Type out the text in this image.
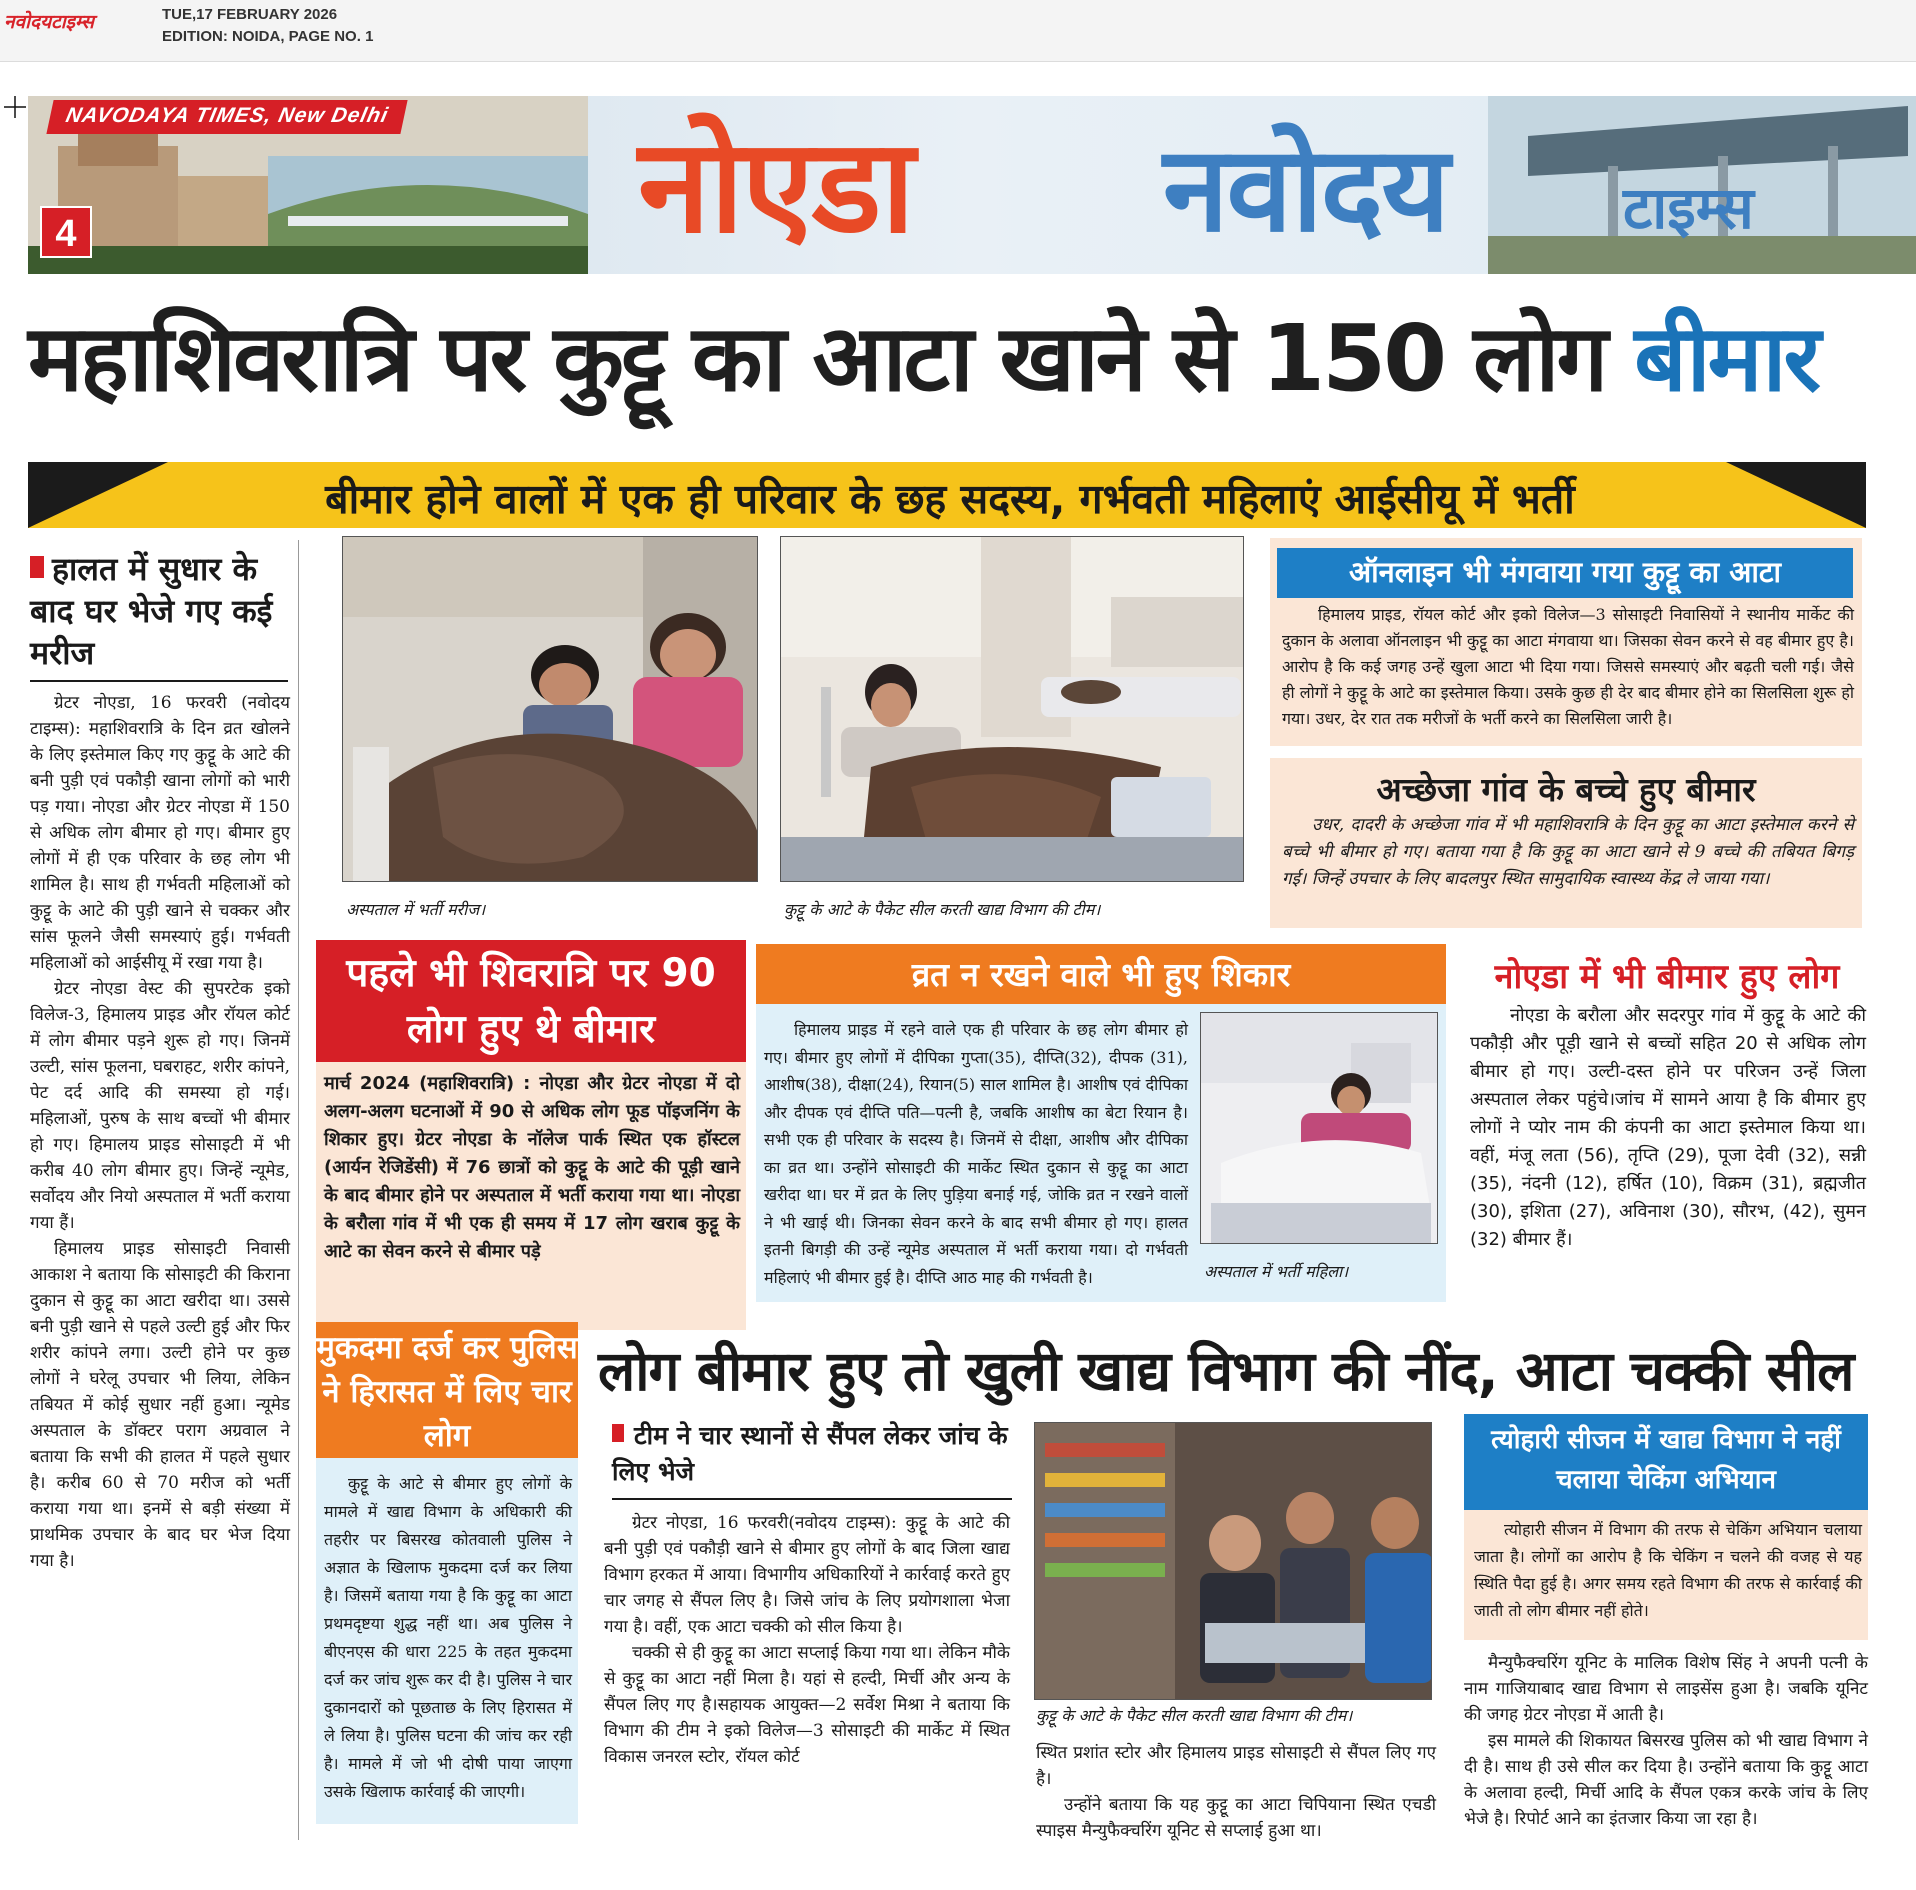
नवोदयटाइम्स	TUE,17 FEBRUARY 2026
EDITION: NOIDA, PAGE NO. 1
NAVODAYA TIMES, New Delhi
4	नोएडा नवोदय	टाइम्स
महाशिवरात्रि पर कुट्टू का आटा खाने से 150 लोग बीमार
बीमार होने वालों में एक ही परिवार के छह सदस्य, गर्भवती महिलाएं आईसीयू में भर्ती
हालत में सुधार के बाद घर भेजे गए कई मरीज

ग्रेटर नोएडा, 16 फरवरी (नवोदय टाइम्स): महाशिवरात्रि के दिन व्रत खोलने के लिए इस्तेमाल किए गए कुट्टू के आटे की बनी पुड़ी एवं पकौड़ी खाना लोगों को भारी पड़ गया। नोएडा और ग्रेटर नोएडा में 150 से अधिक लोग बीमार हो गए। बीमार हुए लोगों में ही एक परिवार के छह लोग भी शामिल है। साथ ही गर्भवती महिलाओं को कुट्टू के आटे की पुड़ी खाने से चक्कर और सांस फूलने जैसी समस्याएं हुई। गर्भवती महिलाओं को आईसीयू में रखा गया है।

ग्रेटर नोएडा वेस्ट की सुपरटेक इको विलेज-3, हिमालय प्राइड और रॉयल कोर्ट में लोग बीमार पड़ने शुरू हो गए। जिनमें उल्टी, सांस फूलना, घबराहट, शरीर कांपने, पेट दर्द आदि की समस्या हो गई। महिलाओं, पुरुष के साथ बच्चों भी बीमार हो गए। हिमालय प्राइड सोसाइटी में भी करीब 40 लोग बीमार हुए। जिन्हें न्यूमेड, सर्वोदय और नियो अस्पताल में भर्ती कराया गया हैं।

हिमालय प्राइड सोसाइटी निवासी आकाश ने बताया कि सोसाइटी की किराना दुकान से कुट्टू का आटा खरीदा था। उससे बनी पुड़ी खाने से पहले उल्टी हुई और फिर शरीर कांपने लगा। उल्टी होने पर कुछ लोगों ने घरेलू उपचार भी लिया, लेकिन तबियत में कोई सुधार नहीं हुआ। न्यूमेड अस्पताल के डॉक्टर पराग अग्रवाल ने बताया कि सभी की हालत में पहले सुधार है। करीब 60 से 70 मरीज को भर्ती कराया गया था। इनमें से बड़ी संख्या में प्राथमिक उपचार के बाद घर भेज दिया गया है।

अस्पताल में भर्ती मरीज।	कुट्टू के आटे के पैकेट सील करती खाद्य विभाग की टीम।
ऑनलाइन भी मंगवाया गया कुट्टू का आटा
हिमालय प्राइड, रॉयल कोर्ट और इको विलेज—3 सोसाइटी निवासियों ने स्थानीय मार्केट की दुकान के अलावा ऑनलाइन भी कुट्टू का आटा मंगवाया था। जिसका सेवन करने से वह बीमार हुए है। आरोप है कि कई जगह उन्हें खुला आटा भी दिया गया। जिससे समस्याएं और बढ़ती चली गई। जैसे ही लोगों ने कुट्टू के आटे का इस्तेमाल किया। उसके कुछ ही देर बाद बीमार होने का सिलसिला शुरू हो गया। उधर, देर रात तक मरीजों के भर्ती करने का सिलसिला जारी है।
अच्छेजा गांव के बच्चे हुए बीमार
उधर, दादरी के अच्छेजा गांव में भी महाशिवरात्रि के दिन कुट्टू का आटा इस्तेमाल करने से बच्चे भी बीमार हो गए। बताया गया है कि कुट्टू का आटा खाने से 9 बच्चे की तबियत बिगड़ गई। जिन्हें उपचार के लिए बादलपुर स्थित सामुदायिक स्वास्थ्य केंद्र ले जाया गया।
पहले भी शिवरात्रि पर 90 लोग हुए थे बीमार
मार्च 2024 (महाशिवरात्रि) : नोएडा और ग्रेटर नोएडा में दो अलग-अलग घटनाओं में 90 से अधिक लोग फूड पॉइजनिंग के शिकार हुए। ग्रेटर नोएडा के नॉलेज पार्क स्थित एक हॉस्टल (आर्यन रेजिडेंसी) में 76 छात्रों को कुट्टू के आटे की पूड़ी खाने के बाद बीमार होने पर अस्पताल में भर्ती कराया गया था। नोएडा के बरौला गांव में भी एक ही समय में 17 लोग खराब कुट्टू के आटे का सेवन करने से बीमार पड़े
व्रत न रखने वाले भी हुए शिकार
हिमालय प्राइड में रहने वाले एक ही परिवार के छह लोग बीमार हो गए। बीमार हुए लोगों में दीपिका गुप्ता(35), दीप्ति(32), दीपक (31), आशीष(38), दीक्षा(24), रियान(5) साल शामिल है। आशीष एवं दीपिका और दीपक एवं दीप्ति पति—पत्नी है, जबकि आशीष का बेटा रियान है। सभी एक ही परिवार के सदस्य है। जिनमें से दीक्षा, आशीष और दीपिका का व्रत था। उन्होंने सोसाइटी की मार्केट स्थित दुकान से कुट्टू का आटा खरीदा था। घर में व्रत के लिए पुड़िया बनाई गई, जोकि व्रत न रखने वालों ने भी खाई थी। जिनका सेवन करने के बाद सभी बीमार हो गए। हालत इतनी बिगड़ी की उन्हें न्यूमेड अस्पताल में भर्ती कराया गया। दो गर्भवती महिलाएं भी बीमार हुई है। दीप्ति आठ माह की गर्भवती है।	अस्पताल में भर्ती महिला।
नोएडा में भी बीमार हुए लोग
नोएडा के बरौला और सदरपुर गांव में कुट्टू के आटे की पकौड़ी और पूड़ी खाने से बच्चों सहित 20 से अधिक लोग बीमार हो गए। उल्टी-दस्त होने पर परिजन उन्हें जिला अस्पताल लेकर पहुंचे।जांच में सामने आया है कि बीमार हुए लोगों ने प्योर नाम की कंपनी का आटा इस्तेमाल किया था। वहीं, मंजू लता (56), तृप्ति (29), पूजा देवी (32), सन्नी (35), नंदनी (12), हर्षित (10), विक्रम (31), ब्रह्मजीत (30), इशिता (27), अविनाश (30), सौरभ, (42), सुमन (32) बीमार हैं।
मुकदमा दर्ज कर पुलिस ने हिरासत में लिए चार लोग
कुट्टू के आटे से बीमार हुए लोगों के मामले में खाद्य विभाग के अधिकारी की तहरीर पर बिसरख कोतवाली पुलिस ने अज्ञात के खिलाफ मुकदमा दर्ज कर लिया है। जिसमें बताया गया है कि कुट्टू का आटा प्रथमदृष्टया शुद्ध नहीं था। अब पुलिस ने बीएनएस की धारा 225 के तहत मुकदमा दर्ज कर जांच शुरू कर दी है। पुलिस ने चार दुकानदारों को पूछताछ के लिए हिरासत में ले लिया है। पुलिस घटना की जांच कर रही है। मामले में जो भी दोषी पाया जाएगा उसके खिलाफ कार्रवाई की जाएगी।
लोग बीमार हुए तो खुली खाद्य विभाग की नींद, आटा चक्की सील
टीम ने चार स्थानों से सैंपल लेकर जांच के लिए भेजे

ग्रेटर नोएडा, 16 फरवरी(नवोदय टाइम्स): कुट्टू के आटे की बनी पुड़ी एवं पकौड़ी खाने से बीमार हुए लोगों के बाद जिला खाद्य विभाग हरकत में आया। विभागीय अधिकारियों ने कार्रवाई करते हुए चार जगह से सैंपल लिए है। जिसे जांच के लिए प्रयोगशाला भेजा गया है। वहीं, एक आटा चक्की को सील किया है।

चक्की से ही कुट्टू का आटा सप्लाई किया गया था। लेकिन मौके से कुट्टू का आटा नहीं मिला है। यहां से हल्दी, मिर्ची और अन्य के सैंपल लिए गए है।सहायक आयुक्त—2 सर्वेश मिश्रा ने बताया कि विभाग की टीम ने इको विलेज—3 सोसाइटी की मार्केट में स्थित विकास जनरल स्टोर, रॉयल कोर्ट

कुट्टू के आटे के पैकेट सील करती खाद्य विभाग की टीम।

स्थित प्रशांत स्टोर और हिमालय प्राइड सोसाइटी से सैंपल लिए गए है।

उन्होंने बताया कि यह कुट्टू का आटा चिपियाना स्थित एचडी स्पाइस मैन्युफैक्चरिंग यूनिट से सप्लाई हुआ था।

त्योहारी सीजन में खाद्य विभाग ने नहीं चलाया चेकिंग अभियान
त्योहारी सीजन में विभाग की तरफ से चेकिंग अभियान चलाया जाता है। लोगों का आरोप है कि चेकिंग न चलने की वजह से यह स्थिति पैदा हुई है। अगर समय रहते विभाग की तरफ से कार्रवाई की जाती तो लोग बीमार नहीं होते।

मैन्युफैक्चरिंग यूनिट के मालिक विशेष सिंह ने अपनी पत्नी के नाम गाजियाबाद खाद्य विभाग से लाइसेंस हुआ है। जबकि यूनिट की जगह ग्रेटर नोएडा में आती है।

इस मामले की शिकायत बिसरख पुलिस को भी खाद्य विभाग ने दी है। साथ ही उसे सील कर दिया है। उन्होंने बताया कि कुट्टू आटा के अलावा हल्दी, मिर्ची आदि के सैंपल एकत्र करके जांच के लिए भेजे है। रिपोर्ट आने का इंतजार किया जा रहा है।
